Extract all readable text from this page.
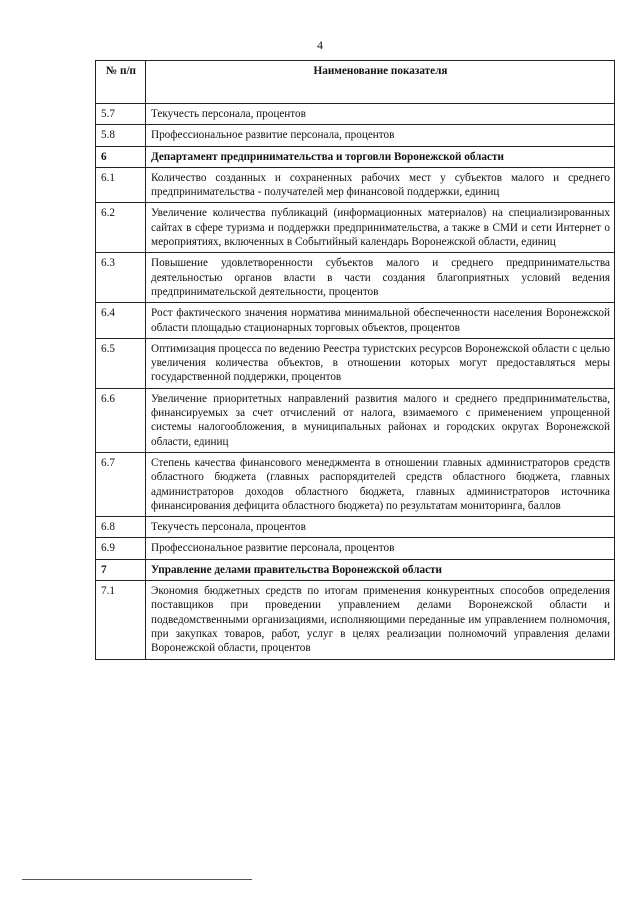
4
№ п/п	Наименование показателя
5.7	Текучесть персонала, процентов
5.8	Профессиональное развитие персонала, процентов
6	Департамент предпринимательства и торговли Воронежской области
6.1	Количество созданных и сохраненных рабочих мест у субъектов малого и среднего предпринимательства - получателей мер финансовой поддержки, единиц
6.2	Увеличение количества публикаций (информационных материалов) на специализированных сайтах в сфере туризма и поддержки предпринимательства, а также в СМИ и сети Интернет о мероприятиях, включенных в Событийный календарь Воронежской области, единиц
6.3	Повышение удовлетворенности субъектов малого и среднего предпринимательства деятельностью органов власти в части создания благоприятных условий ведения предпринимательской деятельности, процентов
6.4	Рост фактического значения норматива минимальной обеспеченности населения Воронежской области площадью стационарных торговых объектов, процентов
6.5	Оптимизация процесса по ведению Реестра туристских ресурсов Воронежской области с целью увеличения количества объектов, в отношении которых могут предоставляться меры государственной поддержки, процентов
6.6	Увеличение приоритетных направлений развития малого и среднего предпринимательства, финансируемых за счет отчислений от налога, взимаемого с применением упрощенной системы налогообложения, в муниципальных районах и городских округах Воронежской области, единиц
6.7	Степень качества финансового менеджмента в отношении главных администраторов средств областного бюджета (главных распорядителей средств областного бюджета, главных администраторов доходов областного бюджета, главных администраторов источника финансирования дефицита областного бюджета) по результатам мониторинга, баллов
6.8	Текучесть персонала, процентов
6.9	Профессиональное развитие персонала, процентов
7	Управление делами правительства Воронежской области
7.1	Экономия бюджетных средств по итогам применения конкурентных способов определения поставщиков при проведении управлением делами Воронежской области и подведомственными организациями, исполняющими переданные им управлением полномочия, при закупках товаров, работ, услуг в целях реализации полномочий управления делами Воронежской области, процентов
